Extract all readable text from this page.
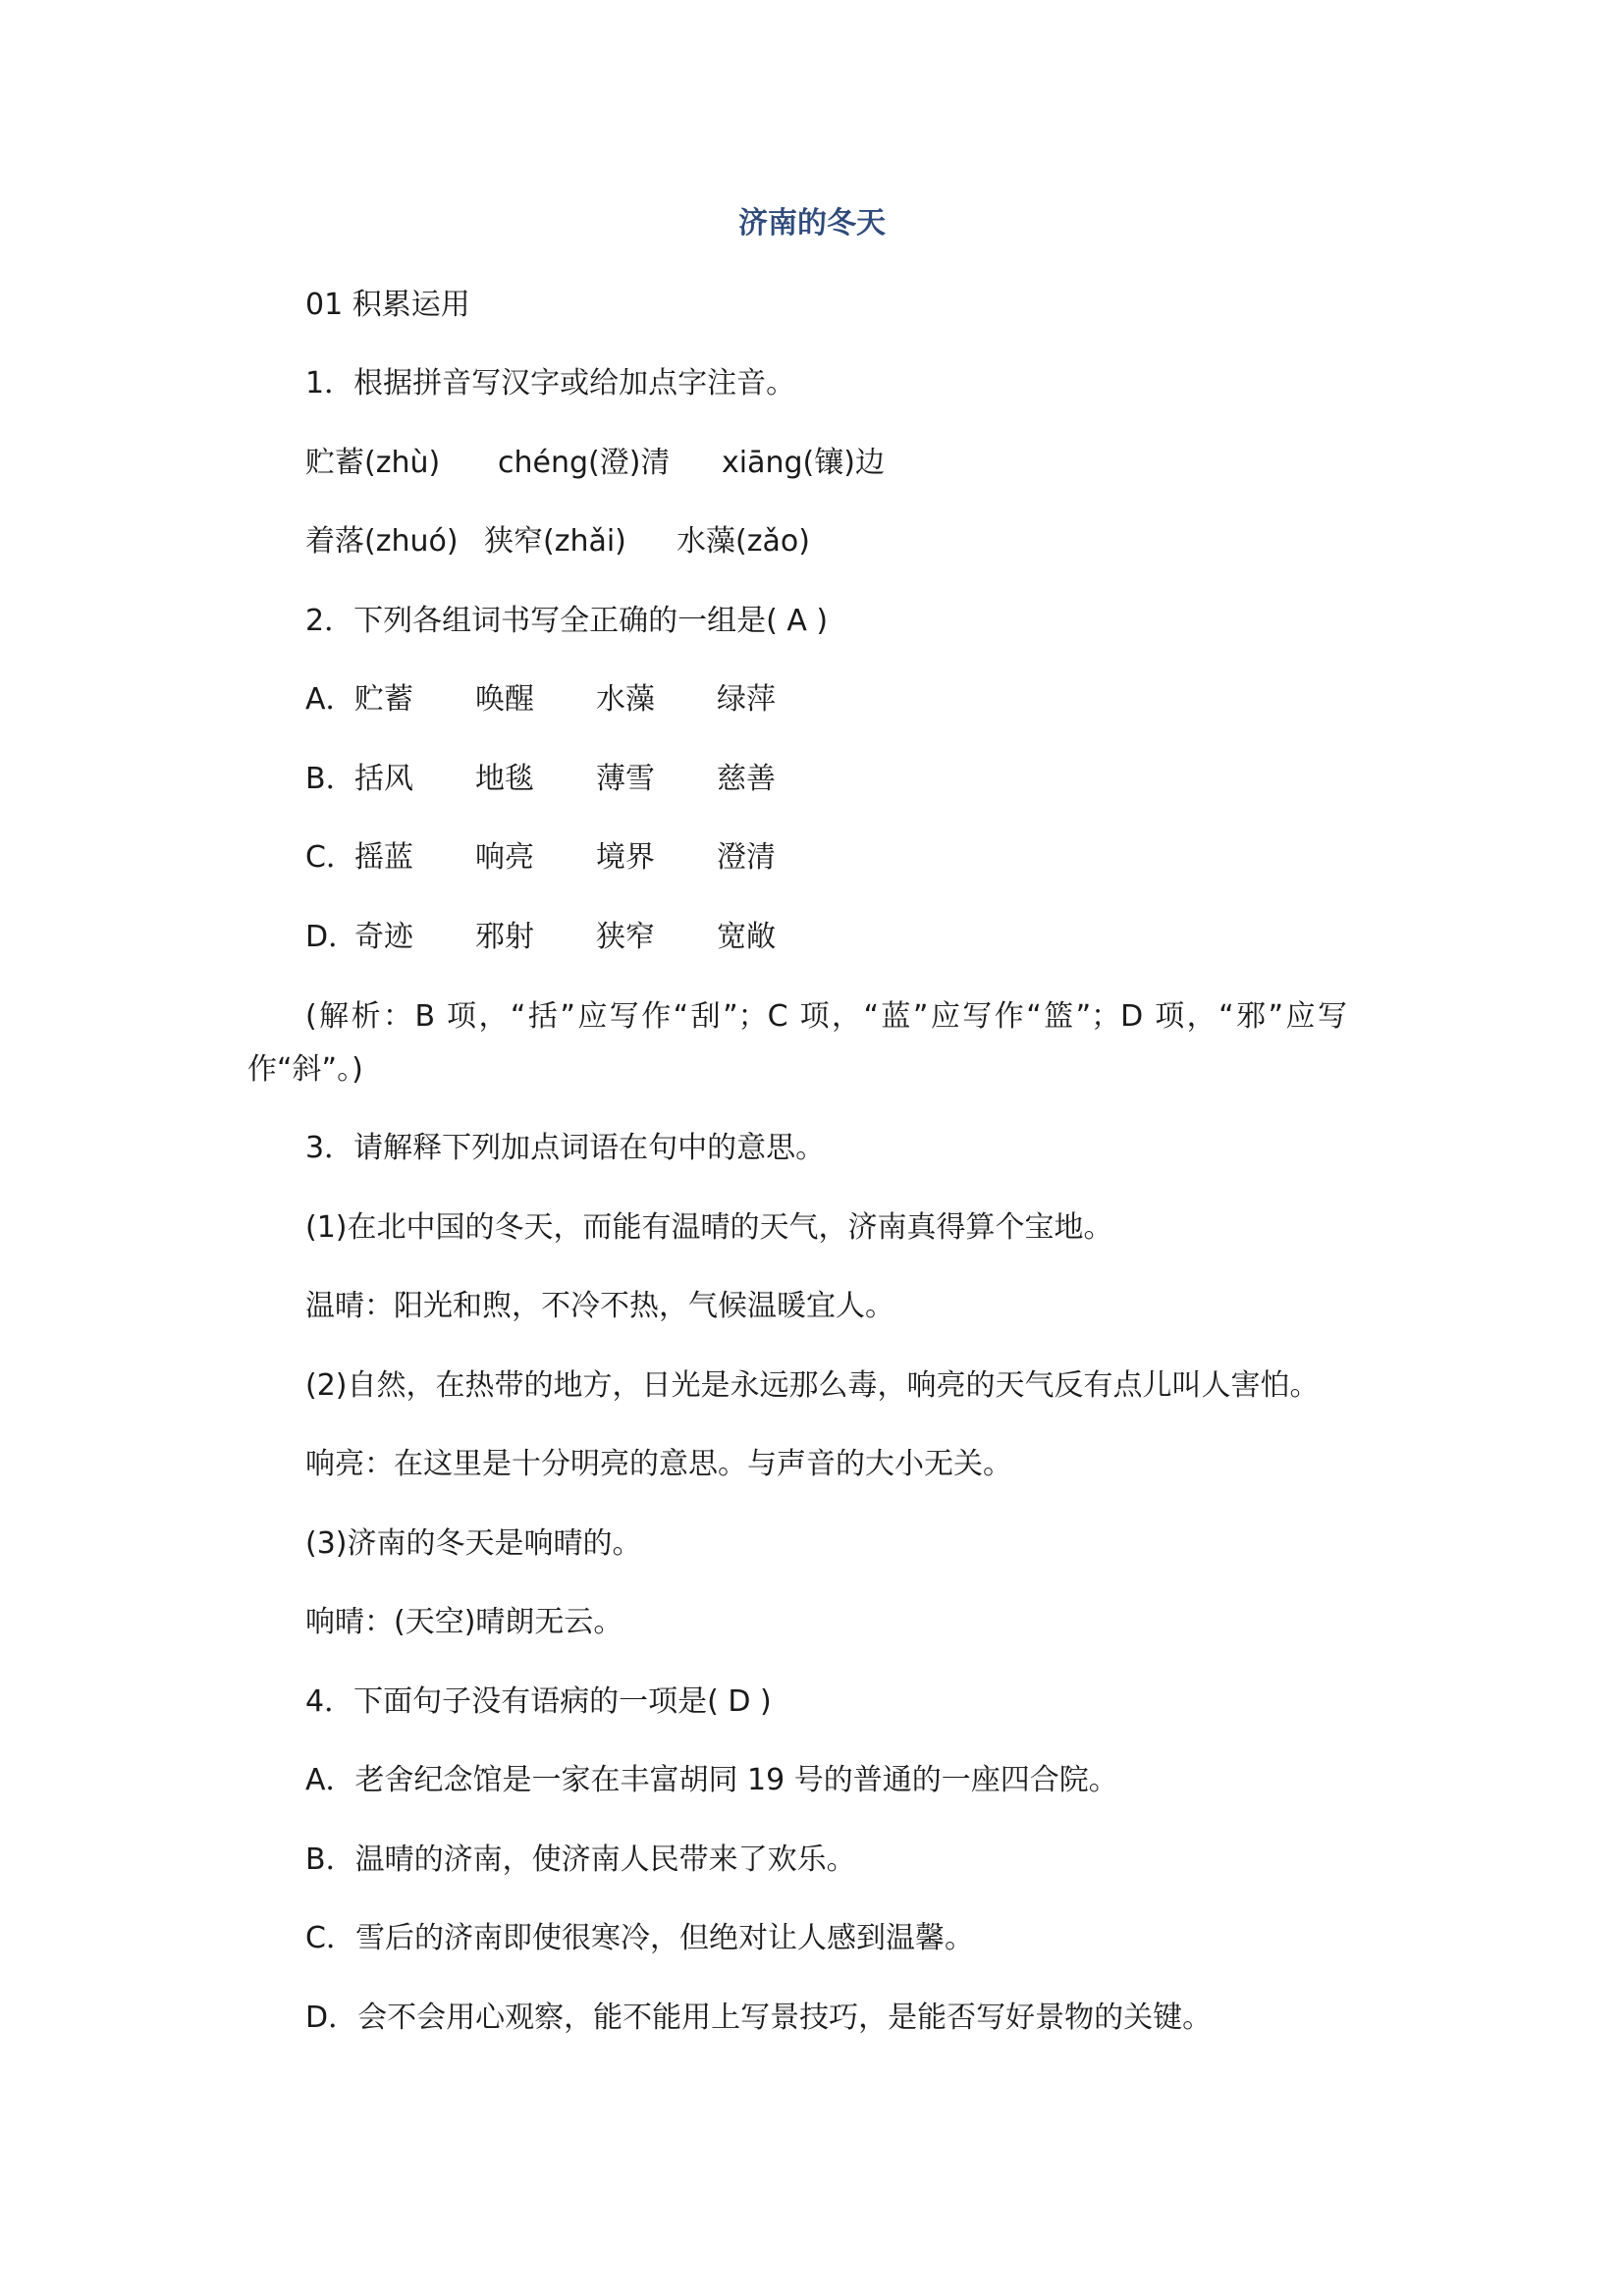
济南的冬天
01 积累运用
1．根据拼音写汉字或给加点字注音。
贮蓄(zhù) chéng(澄)清 xiāng(镶)边
着落(zhuó) 狭窄(zhǎi) 水藻(zǎo)
2．下列各组词书写全正确的一组是( A )
A．贮蓄 唤醒 水藻 绿萍
B．括风 地毯 薄雪 慈善
C．摇蓝 响亮 境界 澄清
D．奇迹 邪射 狭窄 宽敞
(解析：B 项，“括”应写作“刮”；C 项，“蓝”应写作“篮”；D 项，“邪”应写作“斜”。)
3．请解释下列加点词语在句中的意思。
(1)在北中国的冬天，而能有温晴的天气，济南真得算个宝地。
温晴：阳光和煦，不冷不热，气候温暖宜人。
(2)自然，在热带的地方，日光是永远那么毒，响亮的天气反有点儿叫人害怕。
响亮：在这里是十分明亮的意思。与声音的大小无关。
(3)济南的冬天是响晴的。
响晴：(天空)晴朗无云。
4．下面句子没有语病的一项是( D )
A．老舍纪念馆是一家在丰富胡同 19 号的普通的一座四合院。
B．温晴的济南，使济南人民带来了欢乐。
C．雪后的济南即使很寒冷，但绝对让人感到温馨。
D．会不会用心观察，能不能用上写景技巧，是能否写好景物的关键。
